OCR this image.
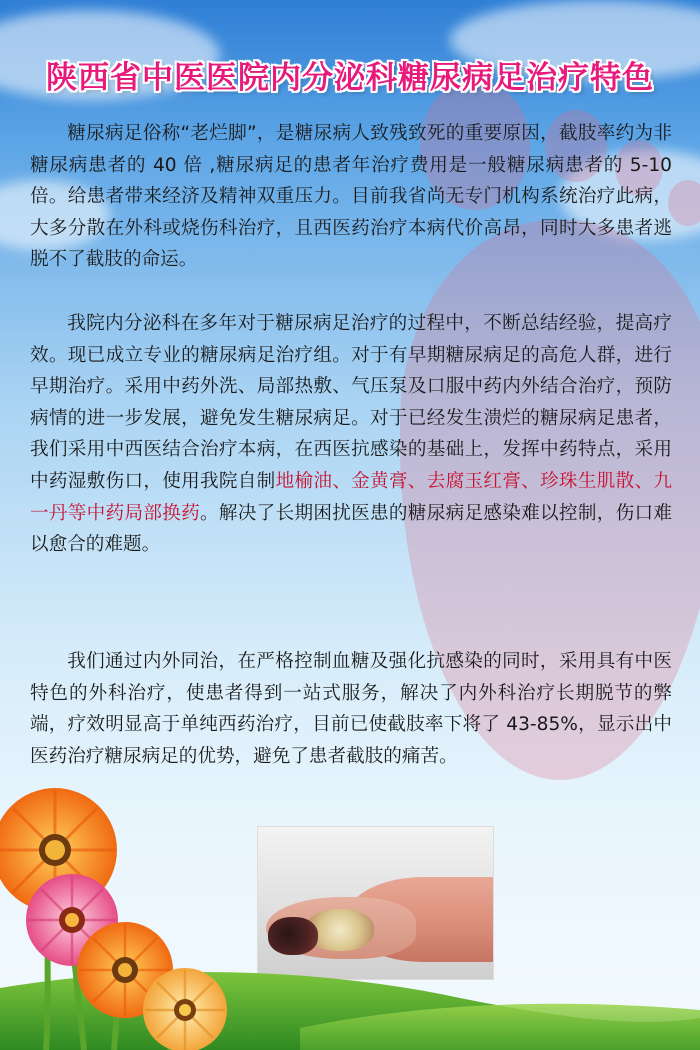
陕西省中医医院内分泌科糖尿病足治疗特色

糖尿病足俗称“老烂脚”，是糖尿病人致残致死的重要原因，截肢率约为非糖尿病患者的 40 倍 ,糖尿病足的患者年治疗费用是一般糖尿病患者的 5-10 倍。给患者带来经济及精神双重压力。目前我省尚无专门机构系统治疗此病，大多分散在外科或烧伤科治疗，且西医药治疗本病代价高昂，同时大多患者逃脱不了截肢的命运。

我院内分泌科在多年对于糖尿病足治疗的过程中，不断总结经验，提高疗效。现已成立专业的糖尿病足治疗组。对于有早期糖尿病足的高危人群，进行早期治疗。采用中药外洗、局部热敷、气压泵及口服中药内外结合治疗，预防病情的进一步发展，避免发生糖尿病足。对于已经发生溃烂的糖尿病足患者，我们采用中西医结合治疗本病，在西医抗感染的基础上，发挥中药特点，采用中药湿敷伤口，使用我院自制地榆油、金黄膏、去腐玉红膏、珍珠生肌散、九一丹等中药局部换药。解决了长期困扰医患的糖尿病足感染难以控制，伤口难以愈合的难题。

我们通过内外同治，在严格控制血糖及强化抗感染的同时，采用具有中医特色的外科治疗，使患者得到一站式服务，解决了内外科治疗长期脱节的弊端，疗效明显高于单纯西药治疗，目前已使截肢率下将了 43-85%，显示出中医药治疗糖尿病足的优势，避免了患者截肢的痛苦。
